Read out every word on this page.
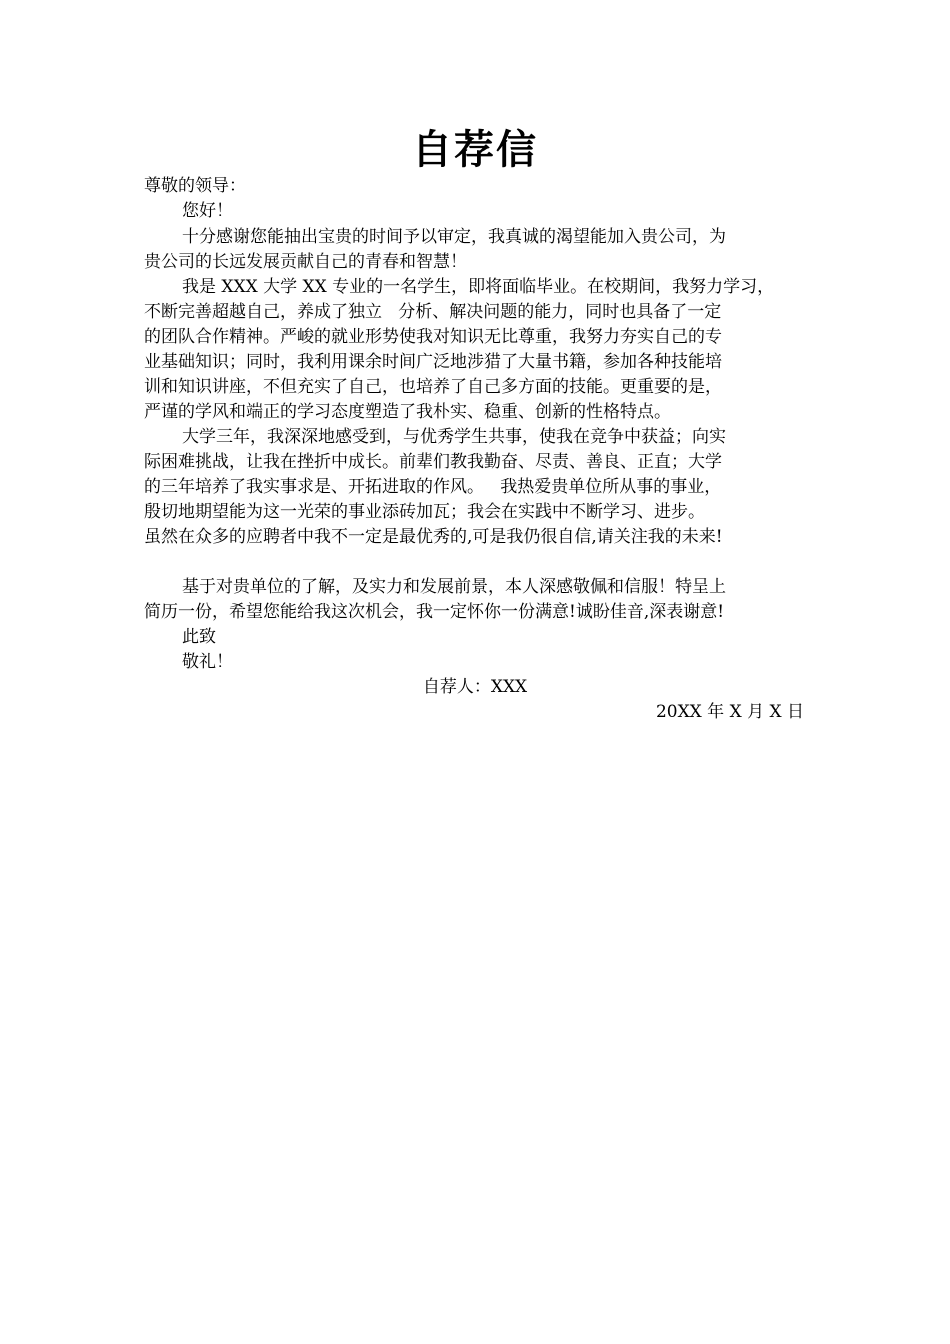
自荐信
尊敬的领导：
您好！
十分感谢您能抽出宝贵的时间予以审定，我真诚的渴望能加入贵公司，为
贵公司的长远发展贡献自己的青春和智慧！
我是 XXX 大学 XX 专业的一名学生，即将面临毕业。在校期间，我努力学习，
不断完善超越自己，养成了独立   分析、解决问题的能力，同时也具备了一定
的团队合作精神。严峻的就业形势使我对知识无比尊重，我努力夯实自己的专
业基础知识；同时，我利用课余时间广泛地涉猎了大量书籍，参加各种技能培
训和知识讲座，不但充实了自己，也培养了自己多方面的技能。更重要的是，
严谨的学风和端正的学习态度塑造了我朴实、稳重、创新的性格特点。
大学三年，我深深地感受到，与优秀学生共事，使我在竞争中获益；向实
际困难挑战，让我在挫折中成长。前辈们教我勤奋、尽责、善良、正直；大学
的三年培养了我实事求是、开拓进取的作风。   我热爱贵单位所从事的事业，
殷切地期望能为这一光荣的事业添砖加瓦；我会在实践中不断学习、进步。
虽然在众多的应聘者中我不一定是最优秀的,可是我仍很自信,请关注我的未来!
基于对贵单位的了解，及实力和发展前景，本人深感敬佩和信服！特呈上
简历一份，希望您能给我这次机会，我一定怀你一份满意!诚盼佳音,深表谢意!
此致
敬礼！
自荐人：XXX
20XX 年 X 月 X 日
